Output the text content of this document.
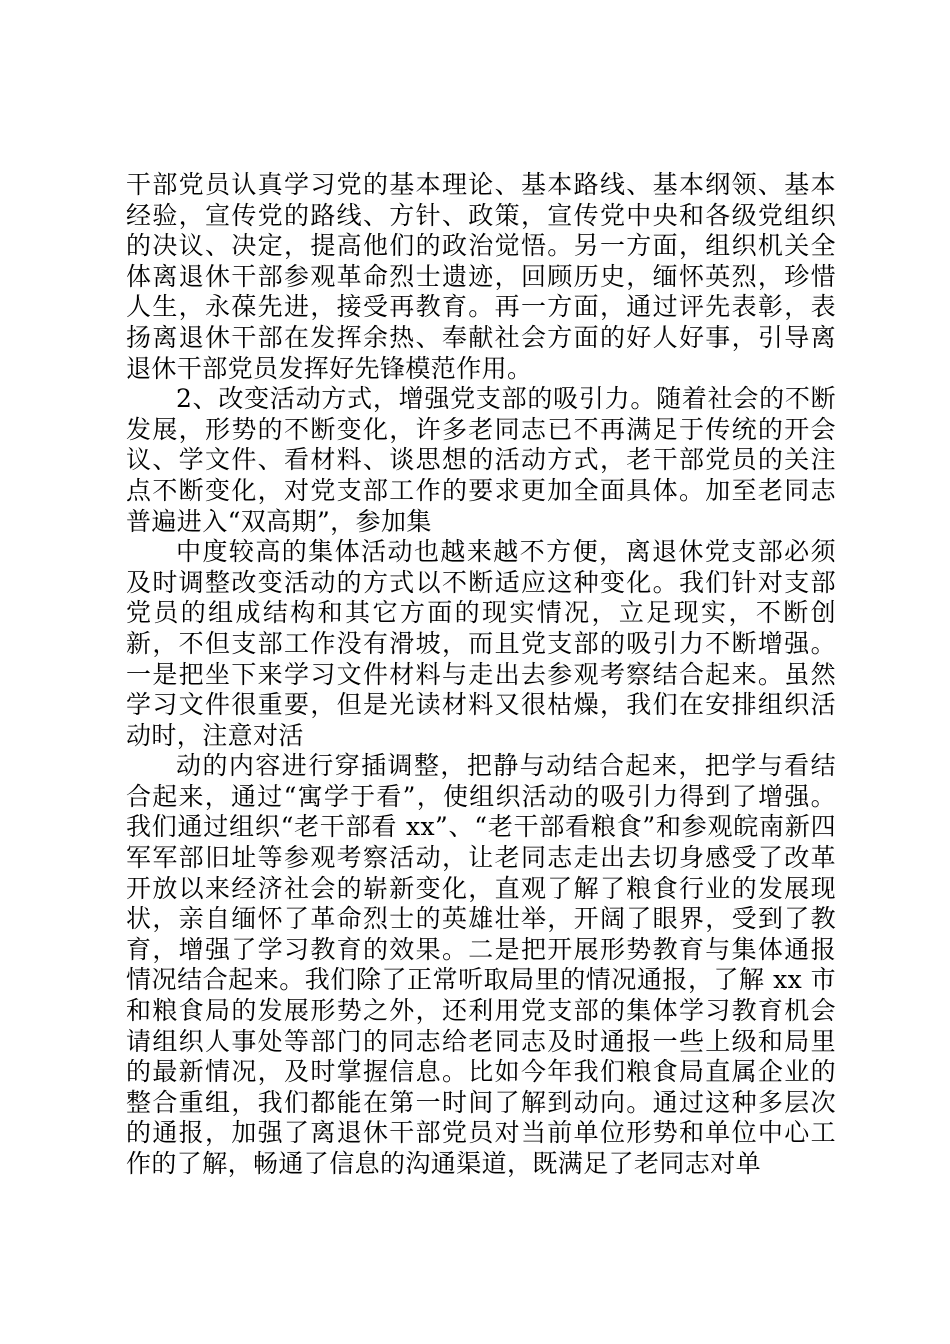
干部党员认真学习党的基本理论、基本路线、基本纲领、基本经验，宣传党的路线、方针、政策，宣传党中央和各级党组织的决议、决定，提高他们的政治觉悟。另一方面，组织机关全体离退休干部参观革命烈士遗迹，回顾历史，缅怀英烈，珍惜人生，永葆先进，接受再教育。再一方面，通过评先表彰，表扬离退休干部在发挥余热、奉献社会方面的好人好事，引导离退休干部党员发挥好先锋模范作用。

2、改变活动方式，增强党支部的吸引力。随着社会的不断发展，形势的不断变化，许多老同志已不再满足于传统的开会议、学文件、看材料、谈思想的活动方式，老干部党员的关注点不断变化，对党支部工作的要求更加全面具体。加至老同志普遍进入“双高期”，参加集

中度较高的集体活动也越来越不方便，离退休党支部必须及时调整改变活动的方式以不断适应这种变化。我们针对支部党员的组成结构和其它方面的现实情况，立足现实，不断创新，不但支部工作没有滑坡，而且党支部的吸引力不断增强。一是把坐下来学习文件材料与走出去参观考察结合起来。虽然学习文件很重要，但是光读材料又很枯燥，我们在安排组织活动时，注意对活

动的内容进行穿插调整，把静与动结合起来，把学与看结合起来，通过“寓学于看”，使组织活动的吸引力得到了增强。我们通过组织“老干部看 xx”、“老干部看粮食”和参观皖南新四军军部旧址等参观考察活动，让老同志走出去切身感受了改革开放以来经济社会的崭新变化，直观了解了粮食行业的发展现状，亲自缅怀了革命烈士的英雄壮举，开阔了眼界，受到了教育，增强了学习教育的效果。二是把开展形势教育与集体通报情况结合起来。我们除了正常听取局里的情况通报，了解 xx 市和粮食局的发展形势之外，还利用党支部的集体学习教育机会请组织人事处等部门的同志给老同志及时通报一些上级和局里的最新情况，及时掌握信息。比如今年我们粮食局直属企业的整合重组，我们都能在第一时间了解到动向。通过这种多层次的通报，加强了离退休干部党员对当前单位形势和单位中心工作的了解，畅通了信息的沟通渠道，既满足了老同志对单
